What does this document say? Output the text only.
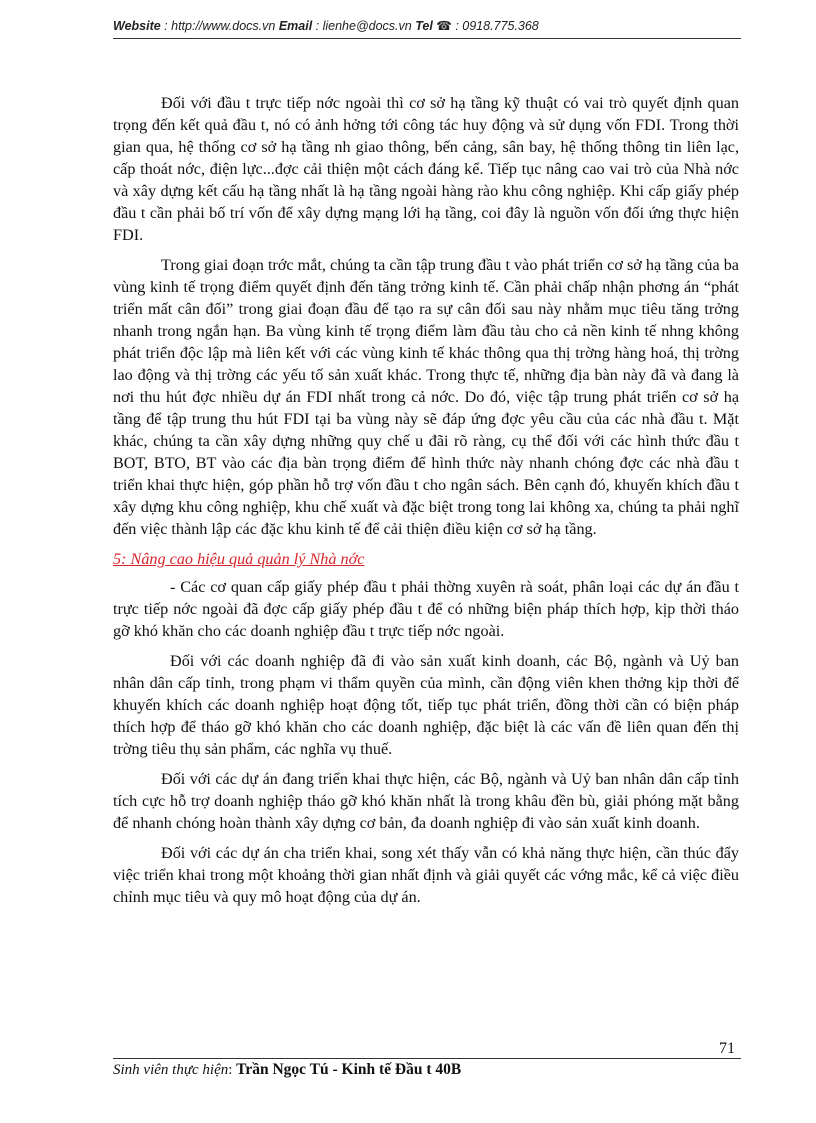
Website : http://www.docs.vn Email : lienhe@docs.vn Tel ☎ : 0918.775.368

Đối với đầu t trực tiếp nớc ngoài thì cơ sở hạ tầng kỹ thuật có vai trò quyết định quan trọng đến kết quả đầu t, nó có ảnh hởng tới công tác huy động và sử dụng vốn FDI. Trong thời gian qua, hệ thống cơ sở hạ tầng nh giao thông, bến cảng, sân bay, hệ thống thông tin liên lạc, cấp thoát nớc, điện lực...đợc cải thiện một cách đáng kể. Tiếp tục nâng cao vai trò của Nhà nớc và xây dựng kết cấu hạ tầng nhất là hạ tầng ngoài hàng rào khu công nghiệp. Khi cấp giấy phép đầu t cần phải bố trí vốn để xây dựng mạng lới hạ tầng, coi đây là nguồn vốn đối ứng thực hiện FDI.

Trong giai đoạn trớc mắt, chúng ta cần tập trung đầu t vào phát triển cơ sở hạ tầng của ba vùng kinh tế trọng điểm quyết định đến tăng trởng kinh tế. Cần phải chấp nhận phơng án “phát triển mất cân đối” trong giai đoạn đầu để tạo ra sự cân đối sau này nhằm mục tiêu tăng trởng nhanh trong ngắn hạn. Ba vùng kinh tế trọng điểm làm đầu tàu cho cả nền kinh tế nhng không phát triển độc lập mà liên kết với các vùng kinh tế khác thông qua thị trờng hàng hoá, thị trờng lao động và thị trờng các yếu tố sản xuất khác. Trong thực tế, những địa bàn này đã và đang là nơi thu hút đợc nhiều dự án FDI nhất trong cả nớc. Do đó, việc tập trung phát triển cơ sở hạ tầng để tập trung thu hút FDI tại ba vùng này sẽ đáp ứng đợc yêu cầu của các nhà đầu t. Mặt khác, chúng ta cần xây dựng những quy chế u đãi rõ ràng, cụ thể đối với các hình thức đầu t BOT, BTO, BT vào các địa bàn trọng điểm để hình thức này nhanh chóng đợc các nhà đầu t triển khai thực hiện, góp phần hỗ trợ vốn đầu t cho ngân sách. Bên cạnh đó, khuyến khích đầu t xây dựng khu công nghiệp, khu chế xuất và đặc biệt trong tong lai không xa, chúng ta phải nghĩ đến việc thành lập các đặc khu kinh tế để cải thiện điều kiện cơ sở hạ tầng.

5: Nâng cao hiệu quả quản lý Nhà nớc

- Các cơ quan cấp giấy phép đầu t phải thờng xuyên rà soát, phân loại các dự án đầu t trực tiếp nớc ngoài đã đợc cấp giấy phép đầu t để có những biện pháp thích hợp, kịp thời tháo gỡ khó khăn cho các doanh nghiệp đầu t trực tiếp nớc ngoài.

Đối với các doanh nghiệp đã đi vào sản xuất kinh doanh, các Bộ, ngành và Uỷ ban nhân dân cấp tỉnh, trong phạm vi thẩm quyền của mình, cần động viên khen thởng kịp thời để khuyến khích các doanh nghiệp hoạt động tốt, tiếp tục phát triển, đồng thời cần có biện pháp thích hợp để tháo gỡ khó khăn cho các doanh nghiệp, đặc biệt là các vấn đề liên quan đến thị trờng tiêu thụ sản phẩm, các nghĩa vụ thuế.

Đối với các dự án đang triển khai thực hiện, các Bộ, ngành và Uỷ ban nhân dân cấp tỉnh tích cực hỗ trợ doanh nghiệp tháo gỡ khó khăn nhất là trong khâu đền bù, giải phóng mặt bằng để nhanh chóng hoàn thành xây dựng cơ bản, đa doanh nghiệp đi vào sản xuất kinh doanh.

Đối với các dự án cha triển khai, song xét thấy vẫn có khả năng thực hiện, cần thúc đẩy việc triển khai trong một khoảng thời gian nhất định và giải quyết các vớng mắc, kể cả việc điều chỉnh mục tiêu và quy mô hoạt động của dự án.

71
Sinh viên thực hiện: Trần Ngọc Tú - Kinh tế Đầu t 40B
